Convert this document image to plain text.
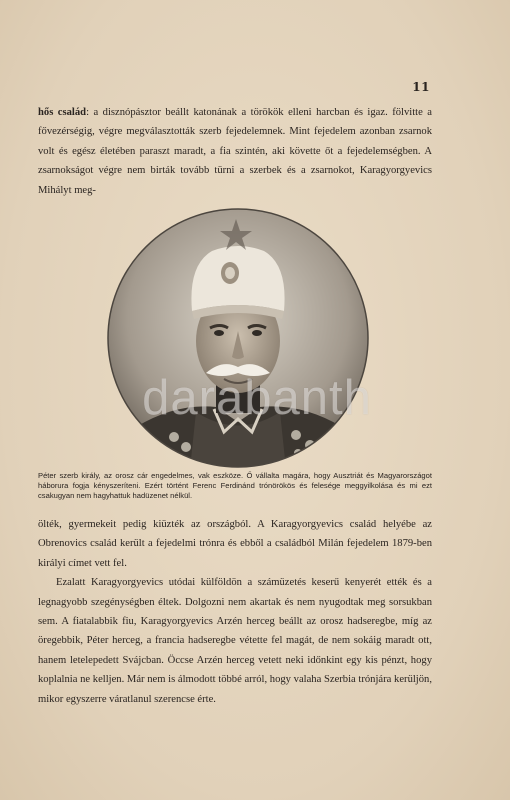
11

hős család: a disznópásztor beállt katonának a törökök elleni harcban és igaz. fölvitte a fővezérségig, végre megválasztották szerb fejedelemnek. Mint fejedelem azonban zsarnok volt és egész életében paraszt maradt, a fia szintén, aki követte őt a fejedelemségben. A zsarnokságot végre nem birták tovább türni a szerbek és a zsarnokot, Karagyorgyevics Mihályt meg-

darabanth
Péter szerb király, az orosz cár engedelmes, vak eszköze. Ő vállalta magára, hogy Ausztriát és Magyarországot háborura fogja kényszeríteni. Ezért történt Ferenc Ferdinánd trónörökös és felesége meggyilkolása és mi ezt csakugyan nem hagyhattuk hadüzenet nélkül.

ölték, gyermekeit pedig kiüzték az országból. A Karagyorgyevics család helyébe az Obrenovics család került a fejedelmi trónra és ebből a családból Milán fejedelem 1879-ben királyi címet vett fel.

Ezalatt Karagyorgyevics utódai külföldön a számüzetés keserű kenyerét ették és a legnagyobb szegénységben éltek. Dolgozni nem akartak és nem nyugodtak meg sorsukban sem. A fiatalabbik fiu, Karagyorgyevics Arzén herceg beállt az orosz hadseregbe, míg az öregebbik, Péter herceg, a francia hadseregbe vétette fel magát, de nem sokáig maradt ott, hanem letelepedett Svájcban. Öccse Arzén herceg vetett neki időnkint egy kis pénzt, hogy koplalnia ne kelljen. Már nem is álmodott többé arról, hogy valaha Szerbia trónjára kerüljön, mikor egyszerre váratlanul szerencse érte.
